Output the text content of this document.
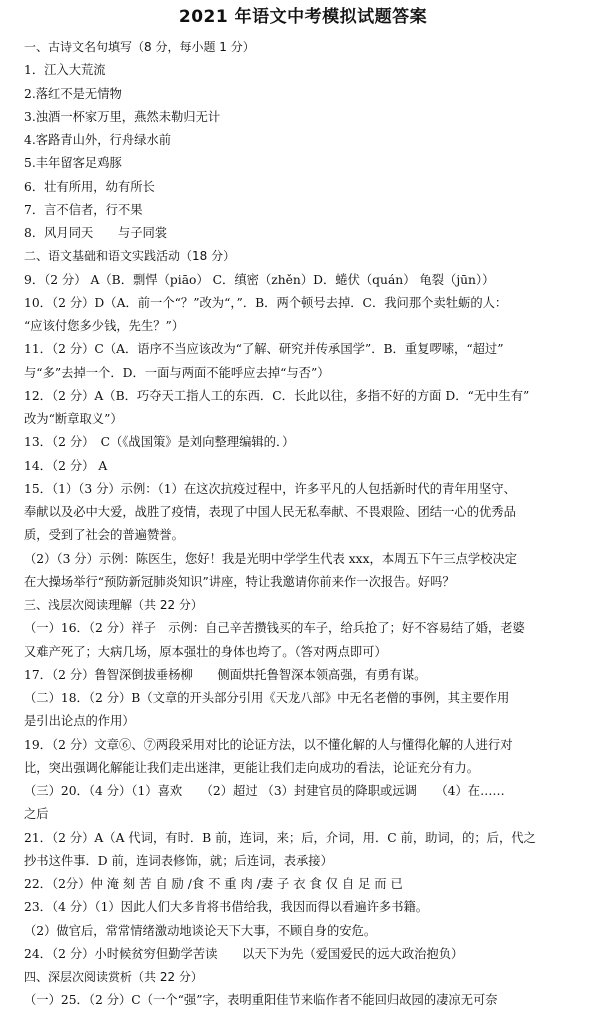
2021 年语文中考模拟试题答案
一、古诗文名句填写（8 分，每小题 1 分）
1．江入大荒流
2.落红不是无情物
3.浊酒一杯家万里，燕然未勒归无计
4.客路青山外，行舟绿水前
5.丰年留客足鸡豚
6．壮有所用，幼有所长
7．言不信者，行不果
8．风月同天　　与子同裳
二、语文基础和语文实践活动（18 分）
9．（2 分） A（B．剽悍（piāo） C．缜密（zhěn）D．蜷伏（quán） 龟裂（jūn））
10．（2 分）D（A．前一个“？”改为“，”．B．两个顿号去掉．C．我问那个卖牡蛎的人：
“应该付您多少钱，先生？”）
11．（2 分）C（A．语序不当应该改为“了解、研究并传承国学”．B．重复啰嗦，“超过”
与“多”去掉一个．D．一面与两面不能呼应去掉“与否”）
12．（2 分）A（B．巧夺天工指人工的东西．C．长此以往，多指不好的方面 D．“无中生有”
改为“断章取义”）
13．（2 分）　C（《战国策》是刘向整理编辑的．）
14．（2 分） A
15．（1）（3 分）示例：（1）在这次抗疫过程中，许多平凡的人包括新时代的青年用坚守、
奉献以及必中大爱，战胜了疫情，表现了中国人民无私奉献、不畏艰险、团结一心的优秀品
质，受到了社会的普遍赞誉。
（2）（3 分）示例：陈医生，您好！我是光明中学学生代表 xxx，本周五下午三点学校决定
在大操场举行“预防新冠肺炎知识”讲座，特让我邀请你前来作一次报告。好吗？
三、浅层次阅读理解（共 22 分）
（一）16．（2 分）祥子　示例：自己辛苦攒钱买的车子，给兵抢了；好不容易结了婚，老婆
又难产死了；大病几场，原本强壮的身体也垮了。（答对两点即可）
17．（2 分）鲁智深倒拔垂杨柳　　侧面烘托鲁智深本领高强，有勇有谋。
（二）18．（2 分）B（文章的开头部分引用《天龙八部》中无名老僧的事例，其主要作用
是引出论点的作用）
19．（2 分）文章⑥、⑦两段采用对比的论证方法，以不懂化解的人与懂得化解的人进行对
比，突出强调化解能让我们走出迷津，更能让我们走向成功的看法，论证充分有力。
（三）20．（4 分）（1）喜欢　　（2）超过 （3）封建官员的降职或远调　　（4）在……
之后
21．（2 分）A（A 代词，有时．B 前，连词，来；后，介词，用．C 前，助词，的；后，代之
抄书这件事．D 前，连词表修饰，就；后连词，表承接）
22．（2分）仲 淹 刻 苦 自 励 /食 不 重 肉 /妻 子 衣 食 仅 自 足 而 已
23．（4 分）（1）因此人们大多肯将书借给我，我因而得以看遍许多书籍。
（2）做官后，常常情绪激动地谈论天下大事，不顾自身的安危。
24．（2 分）小时候贫穷但勤学苦读　　以天下为先（爱国爱民的远大政治抱负）
四、深层次阅读赏析（共 22 分）
（一）25．（2 分）C（一个“强”字，表明重阳佳节来临作者不能回归故园的凄凉无可奈
